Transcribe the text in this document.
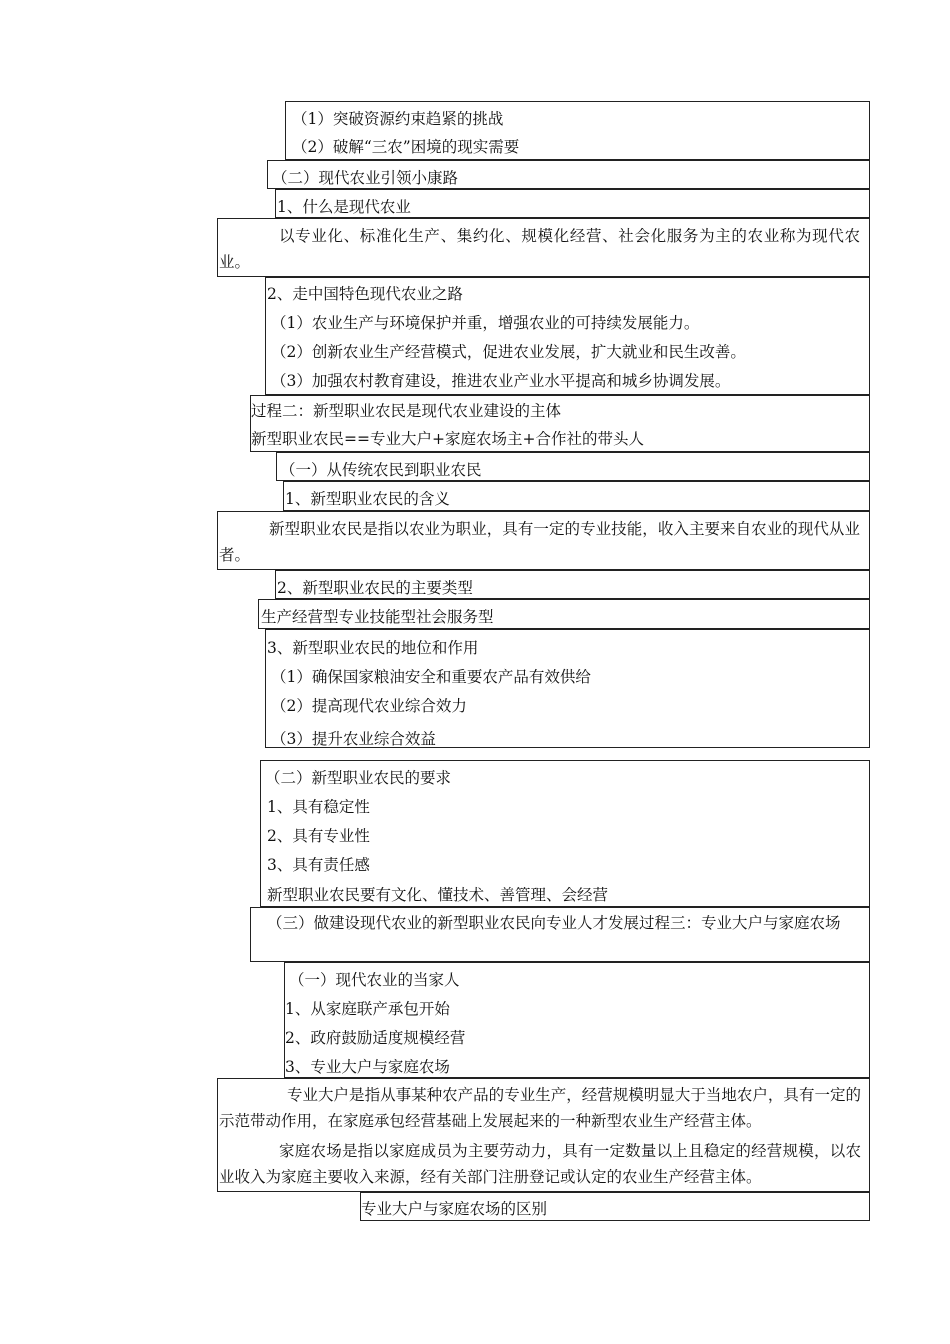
（1）突破资源约束趋紧的挑战
（2）破解“三农”困境的现实需要
（二）现代农业引领小康路
1、什么是现代农业
以专业化、标准化生产、集约化、规模化经营、社会化服务为主的农业称为现代农业。
2、走中国特色现代农业之路
（1）农业生产与环境保护并重，增强农业的可持续发展能力。
（2）创新农业生产经营模式，促进农业发展，扩大就业和民生改善。
（3）加强农村教育建设，推进农业产业水平提高和城乡协调发展。
过程二：新型职业农民是现代农业建设的主体
新型职业农民==专业大户+家庭农场主+合作社的带头人
（一）从传统农民到职业农民
1、新型职业农民的含义
新型职业农民是指以农业为职业，具有一定的专业技能，收入主要来自农业的现代从业者。
2、新型职业农民的主要类型
生产经营型专业技能型社会服务型
3、新型职业农民的地位和作用
（1）确保国家粮油安全和重要农产品有效供给
（2）提高现代农业综合效力
（3）提升农业综合效益
（二）新型职业农民的要求
1、具有稳定性
2、具有专业性
3、具有责任感
新型职业农民要有文化、懂技术、善管理、会经营
（三）做建设现代农业的新型职业农民向专业人才发展过程三：专业大户与家庭农场
（一）现代农业的当家人
1、从家庭联产承包开始
2、政府鼓励适度规模经营
3、专业大户与家庭农场
专业大户是指从事某种农产品的专业生产，经营规模明显大于当地农户，具有一定的示范带动作用，在家庭承包经营基础上发展起来的一种新型农业生产经营主体。
家庭农场是指以家庭成员为主要劳动力，具有一定数量以上且稳定的经营规模，以农业收入为家庭主要收入来源，经有关部门注册登记或认定的农业生产经营主体。
专业大户与家庭农场的区别
